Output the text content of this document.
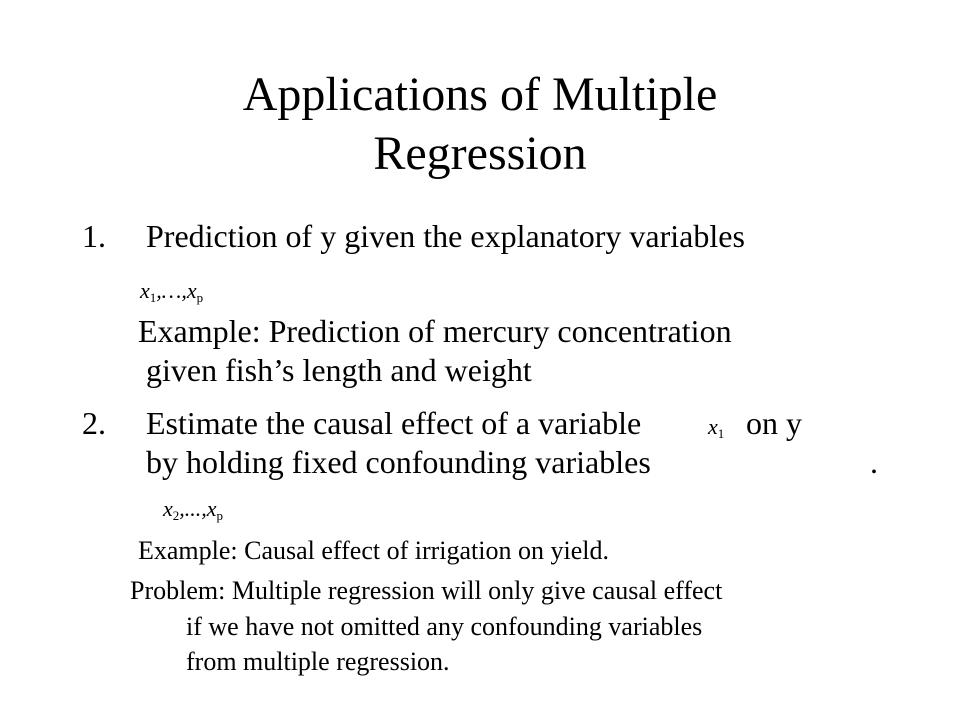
Applications of Multiple
Regression
1. Prediction of y given the explanatory variables
$x_1,\dots,x_p$
Example: Prediction of mercury concentration
given fish’s length and weight
2. Estimate the causal effect of a variable	$x_1$ on y
by holding fixed confounding variables	.
$x_2,...,x_p$
Example: Causal effect of irrigation on yield.
Problem: Multiple regression will only give causal effect
if we have not omitted any confounding variables
from multiple regression.
